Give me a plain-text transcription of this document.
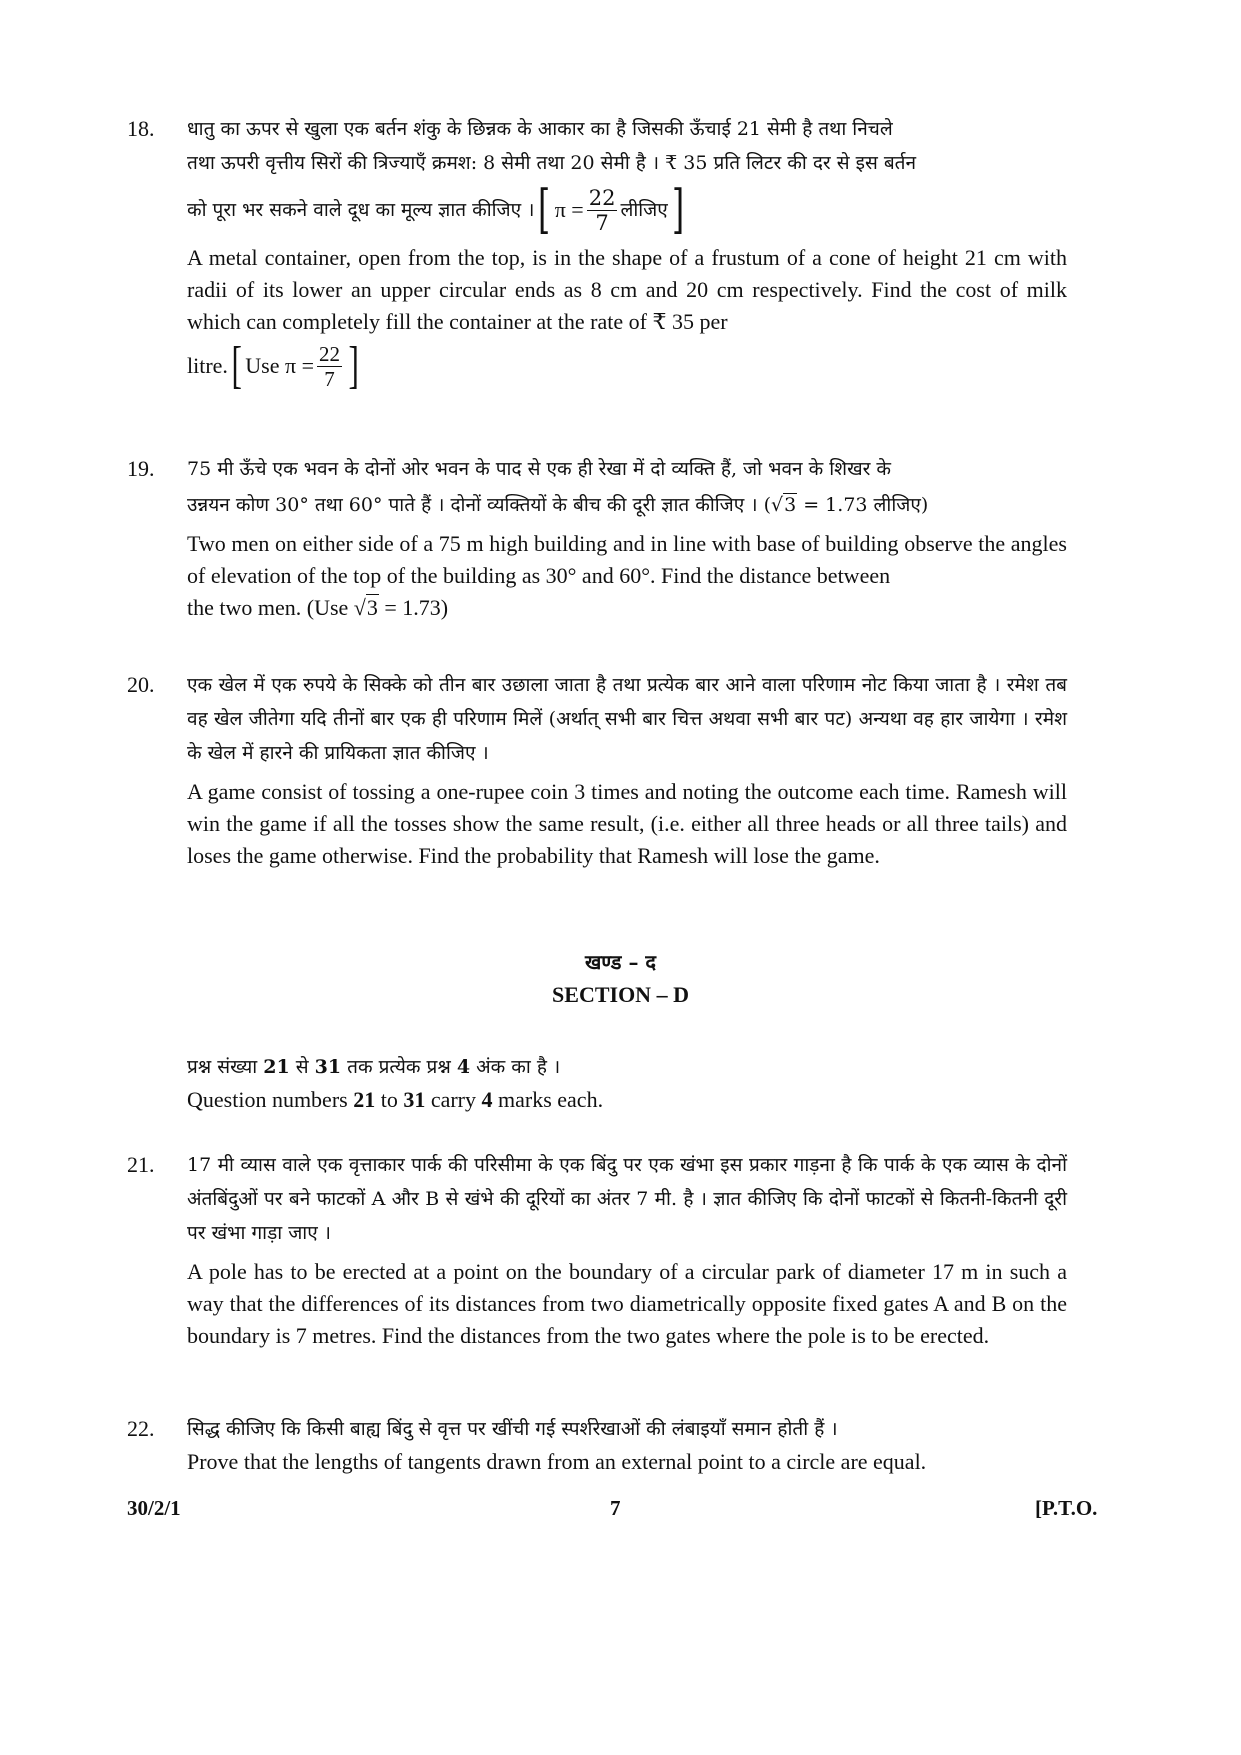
18. धातु का ऊपर से खुला एक बर्तन शंकु के छिन्नक के आकार का है जिसकी ऊँचाई 21 सेमी है तथा निचले

तथा ऊपरी वृत्तीय सिरों की त्रिज्याएँ क्रमश: 8 सेमी तथा 20 सेमी है । ₹ 35 प्रति लिटर की दर से इस बर्तन

को पूरा भर सकने वाले दूध का मूल्य ज्ञात कीजिए । [ $\pi = \frac{22}{7}$ लीजिए ]

A metal container, open from the top, is in the shape of a frustum of a cone of height 21 cm with radii of its lower an upper circular ends as 8 cm and 20 cm respectively. Find the cost of milk which can completely fill the container at the rate of ₹ 35 per

litre. [ Use $\pi = \frac{22}{7}$ ]

19. 75 मी ऊँचे एक भवन के दोनों ओर भवन के पाद से एक ही रेखा में दो व्यक्ति हैं, जो भवन के शिखर के

उन्नयन कोण 30° तथा 60° पाते हैं । दोनों व्यक्तियों के बीच की दूरी ज्ञात कीजिए । (√3 = 1.73 लीजिए)

Two men on either side of a 75 m high building and in line with base of building observe the angles of elevation of the top of the building as 30° and 60°. Find the distance between

the two men. (Use √3 = 1.73)

20. एक खेल में एक रुपये के सिक्के को तीन बार उछाला जाता है तथा प्रत्येक बार आने वाला परिणाम नोट किया जाता है । रमेश तब वह खेल जीतेगा यदि तीनों बार एक ही परिणाम मिलें (अर्थात् सभी बार चित्त अथवा सभी बार पट) अन्यथा वह हार जायेगा । रमेश के खेल में हारने की प्रायिकता ज्ञात कीजिए ।

A game consist of tossing a one-rupee coin 3 times and noting the outcome each time. Ramesh will win the game if all the tosses show the same result, (i.e. either all three heads or all three tails) and loses the game otherwise. Find the probability that Ramesh will lose the game.

खण्ड – द
SECTION – D

प्रश्न संख्या 21 से 31 तक प्रत्येक प्रश्न 4 अंक का है ।

Question numbers 21 to 31 carry 4 marks each.

21. 17 मी व्यास वाले एक वृत्ताकार पार्क की परिसीमा के एक बिंदु पर एक खंभा इस प्रकार गाड़ना है कि पार्क के एक व्यास के दोनों अंतबिंदुओं पर बने फाटकों A और B से खंभे की दूरियों का अंतर 7 मी. है । ज्ञात कीजिए कि दोनों फाटकों से कितनी-कितनी दूरी पर खंभा गाड़ा जाए ।

A pole has to be erected at a point on the boundary of a circular park of diameter 17 m in such a way that the differences of its distances from two diametrically opposite fixed gates A and B on the boundary is 7 metres. Find the distances from the two gates where the pole is to be erected.

22. सिद्ध कीजिए कि किसी बाह्य बिंदु से वृत्त पर खींची गई स्पर्शरेखाओं की लंबाइयाँ समान होती हैं ।

Prove that the lengths of tangents drawn from an external point to a circle are equal.

30/2/1	7	[P.T.O.
